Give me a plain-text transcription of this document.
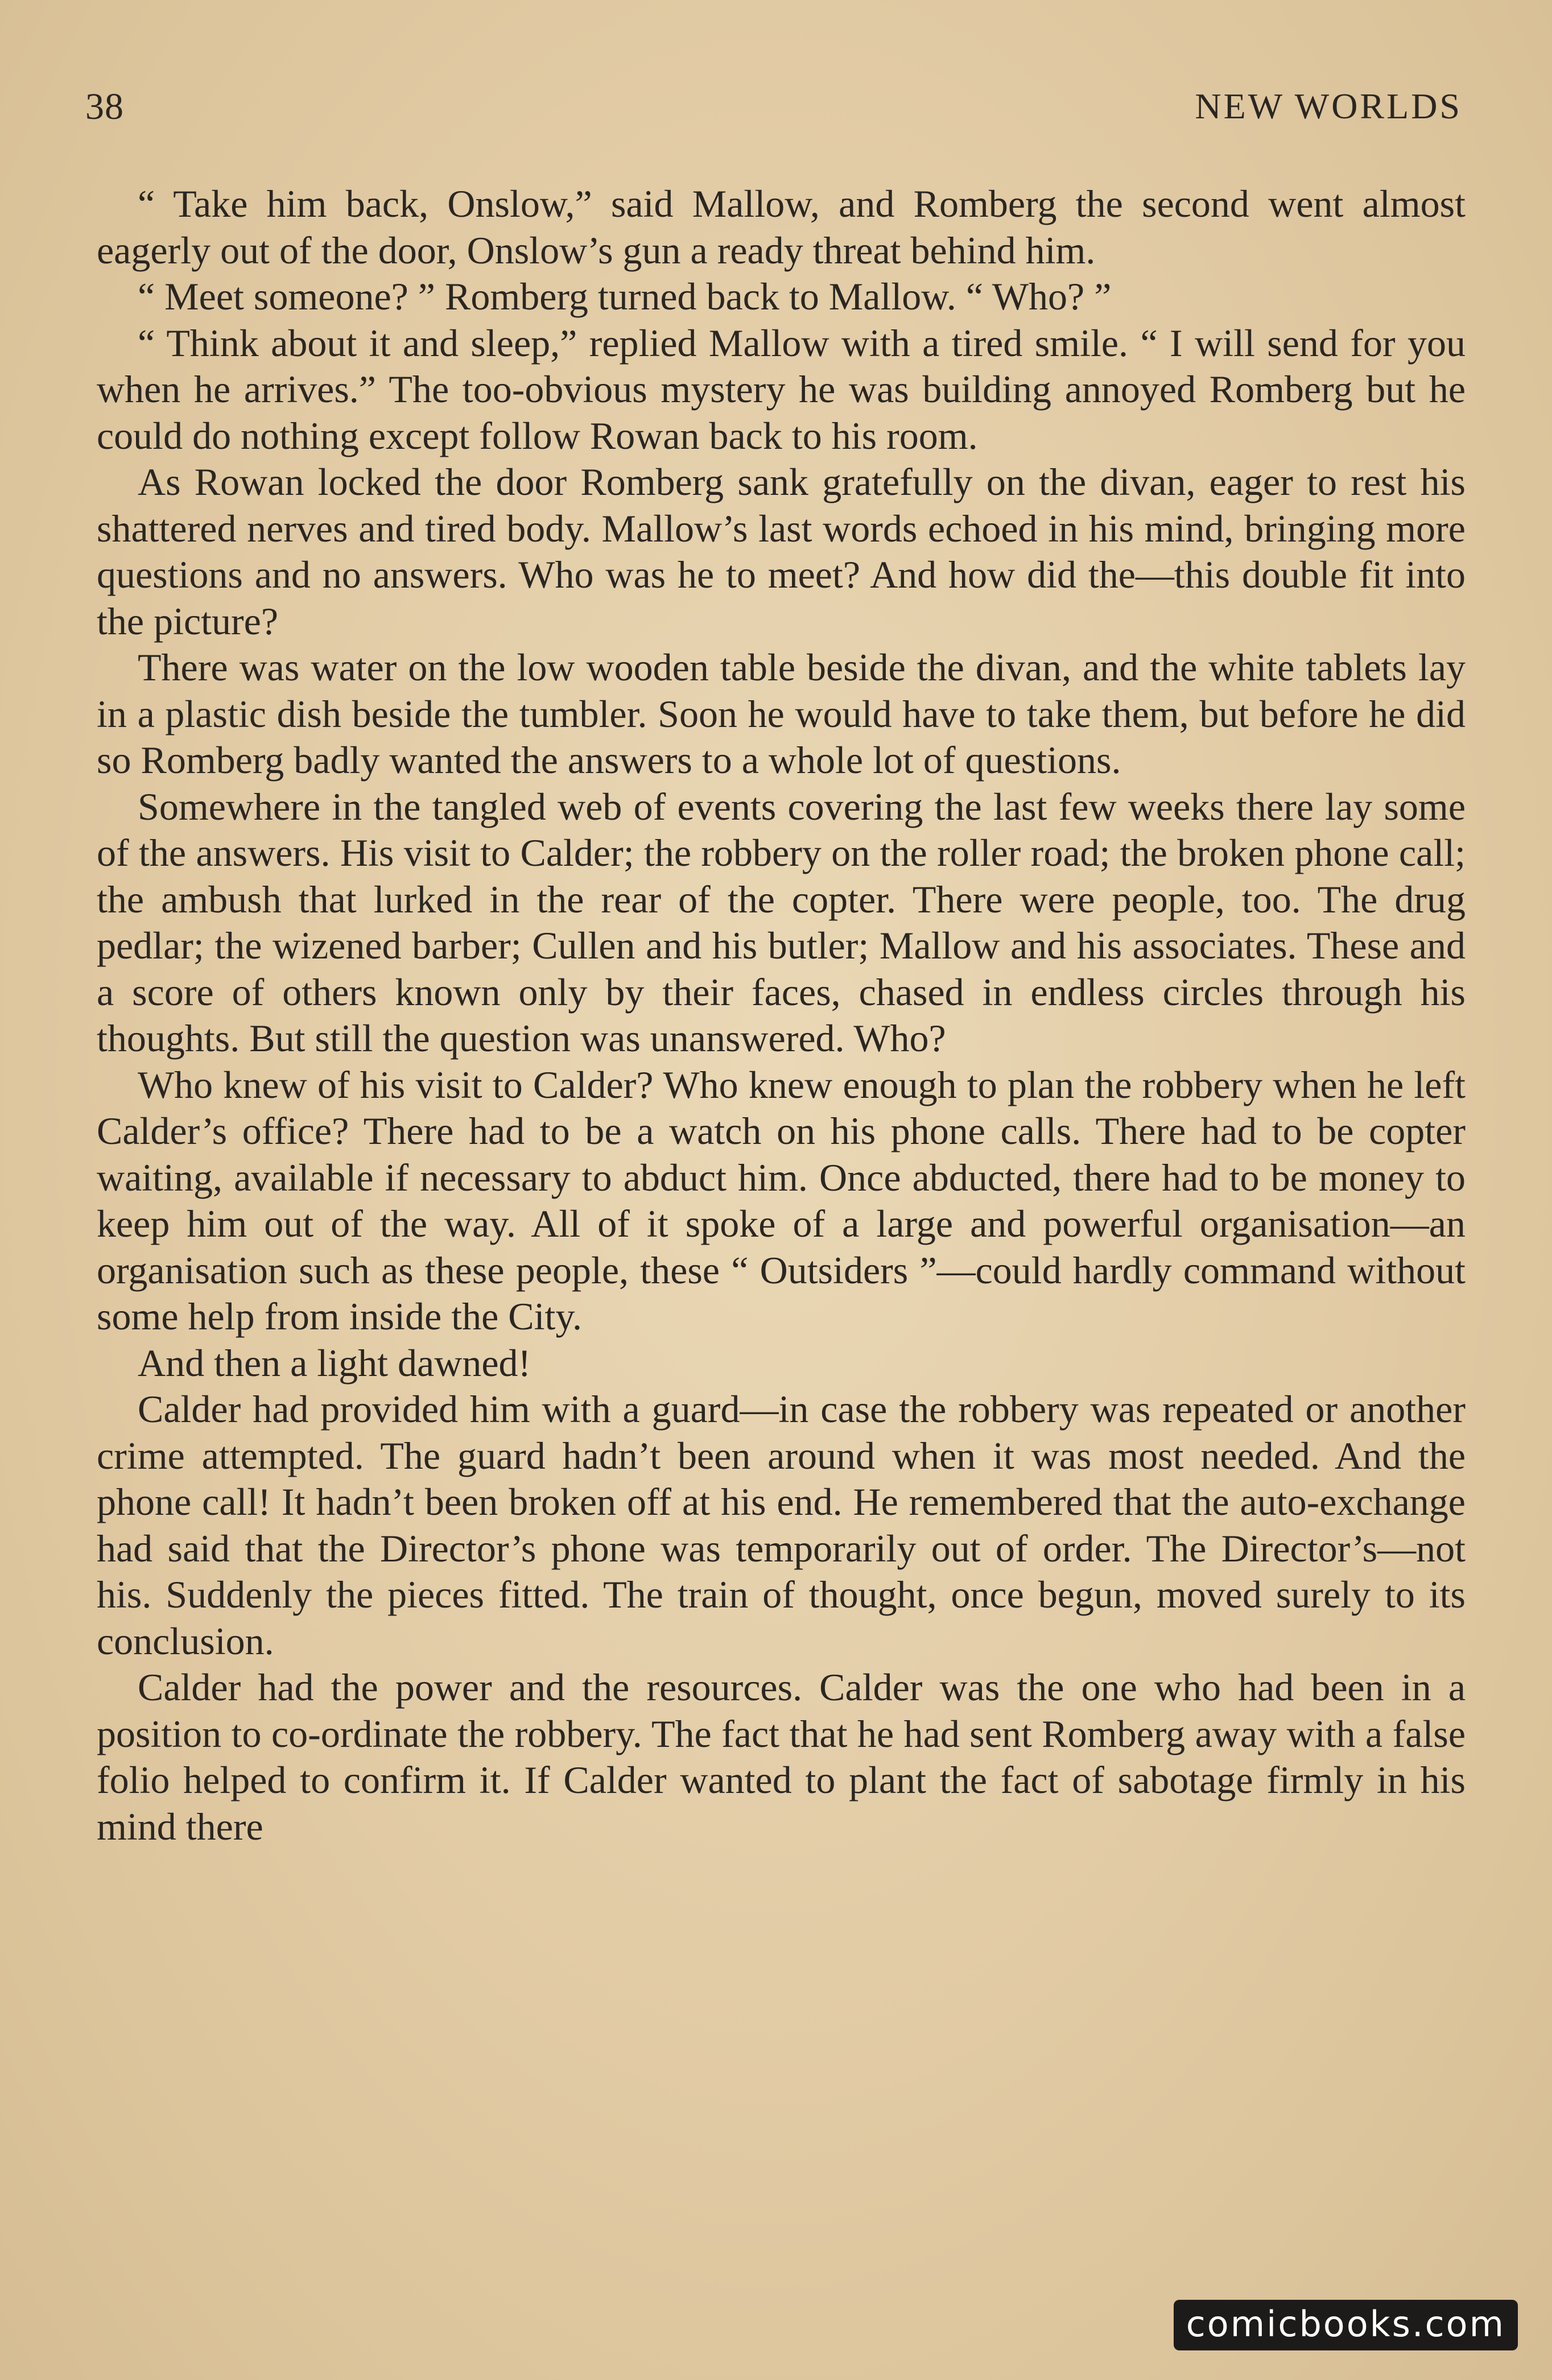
38	NEW WORLDS

“ Take him back, Onslow,” said Mallow, and Romberg the second went almost eagerly out of the door, Onslow’s gun a ready threat behind him.

“ Meet someone? ” Romberg turned back to Mallow. “ Who? ”

“ Think about it and sleep,” replied Mallow with a tired smile. “ I will send for you when he arrives.” The too-obvious mystery he was building annoyed Romberg but he could do nothing except follow Rowan back to his room.

As Rowan locked the door Romberg sank gratefully on the divan, eager to rest his shattered nerves and tired body. Mallow’s last words echoed in his mind, bringing more questions and no answers. Who was he to meet? And how did the—this double fit into the picture?

There was water on the low wooden table beside the divan, and the white tablets lay in a plastic dish beside the tumbler. Soon he would have to take them, but before he did so Romberg badly wanted the answers to a whole lot of questions.

Somewhere in the tangled web of events covering the last few weeks there lay some of the answers. His visit to Calder; the robbery on the roller road; the broken phone call; the ambush that lurked in the rear of the copter. There were people, too. The drug pedlar; the wizened barber; Cullen and his butler; Mallow and his associates. These and a score of others known only by their faces, chased in endless circles through his thoughts. But still the question was unanswered. Who?

Who knew of his visit to Calder? Who knew enough to plan the robbery when he left Calder’s office? There had to be a watch on his phone calls. There had to be copter waiting, available if necessary to abduct him. Once abducted, there had to be money to keep him out of the way. All of it spoke of a large and powerful organisation—an organisation such as these people, these “ Outsiders ”—could hardly command without some help from inside the City.

And then a light dawned!

Calder had provided him with a guard—in case the robbery was repeated or another crime attempted. The guard hadn’t been around when it was most needed. And the phone call! It hadn’t been broken off at his end. He remembered that the auto-exchange had said that the Director’s phone was temporarily out of order. The Director’s—not his. Suddenly the pieces fitted. The train of thought, once begun, moved surely to its conclusion.

Calder had the power and the resources. Calder was the one who had been in a position to co-ordinate the robbery. The fact that he had sent Romberg away with a false folio helped to confirm it. If Calder wanted to plant the fact of sabotage firmly in his mind there

comicbooks.com
